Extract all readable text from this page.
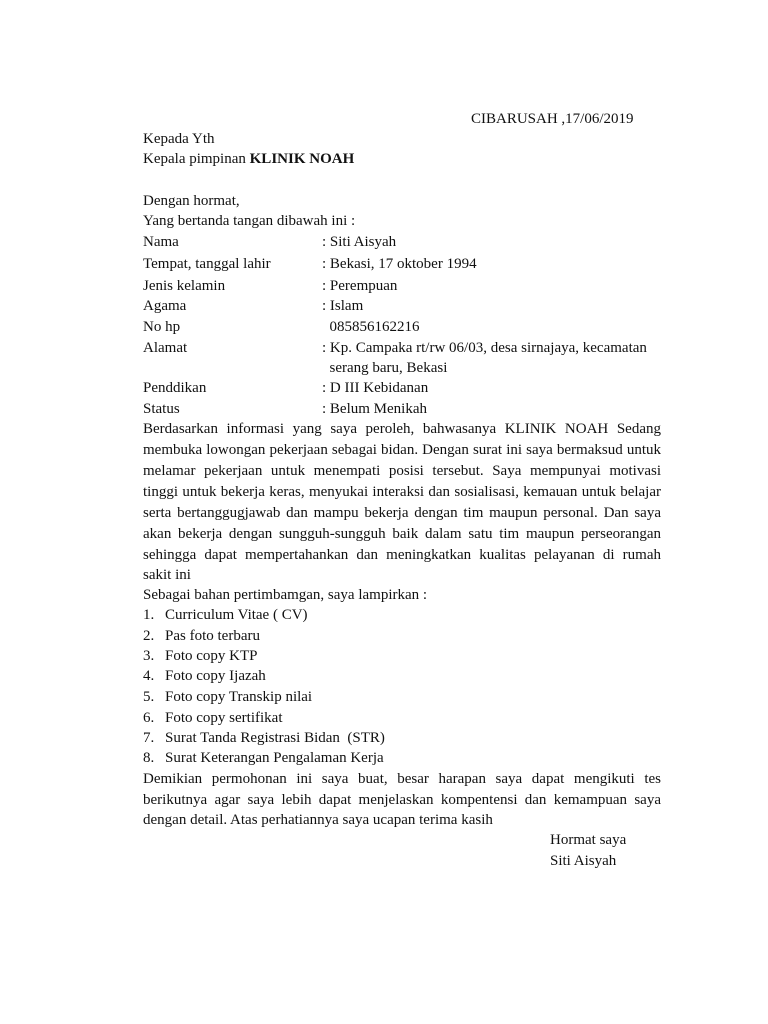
CIBARUSAH ,17/06/2019
Kepada Yth
Kepala pimpinan KLINIK NOAH
Dengan hormat,
Yang bertanda tangan dibawah ini :
Nama	: Siti Aisyah
Tempat, tanggal lahir	: Bekasi, 17 oktober 1994
Jenis kelamin	: Perempuan
Agama	: Islam
No hp	085856162216
Alamat	: Kp. Campaka rt/rw 06/03, desa sirnajaya, kecamatan
serang baru, Bekasi
Penddikan	: D III Kebidanan
Status	: Belum Menikah
Berdasarkan informasi yang saya peroleh, bahwasanya KLINIK NOAH Sedang
membuka lowongan pekerjaan sebagai bidan. Dengan surat ini saya bermaksud untuk
melamar pekerjaan untuk menempati posisi tersebut. Saya mempunyai motivasi
tinggi untuk bekerja keras, menyukai interaksi dan sosialisasi, kemauan untuk belajar
serta bertanggugjawab dan mampu bekerja dengan tim maupun personal. Dan saya
akan bekerja dengan sungguh-sungguh baik dalam satu tim maupun perseorangan
sehingga dapat mempertahankan dan meningkatkan kualitas pelayanan di rumah
sakit ini
Sebagai bahan pertimbamgan, saya lampirkan :
1. Curriculum Vitae ( CV)
2. Pas foto terbaru
3. Foto copy KTP
4. Foto copy Ijazah
5. Foto copy Transkip nilai
6. Foto copy sertifikat
7. Surat Tanda Registrasi Bidan  (STR)
8. Surat Keterangan Pengalaman Kerja
Demikian permohonan ini saya buat, besar harapan saya dapat mengikuti tes
berikutnya agar saya lebih dapat menjelaskan kompentensi dan kemampuan saya
dengan detail. Atas perhatiannya saya ucapan terima kasih
Hormat saya
Siti Aisyah
